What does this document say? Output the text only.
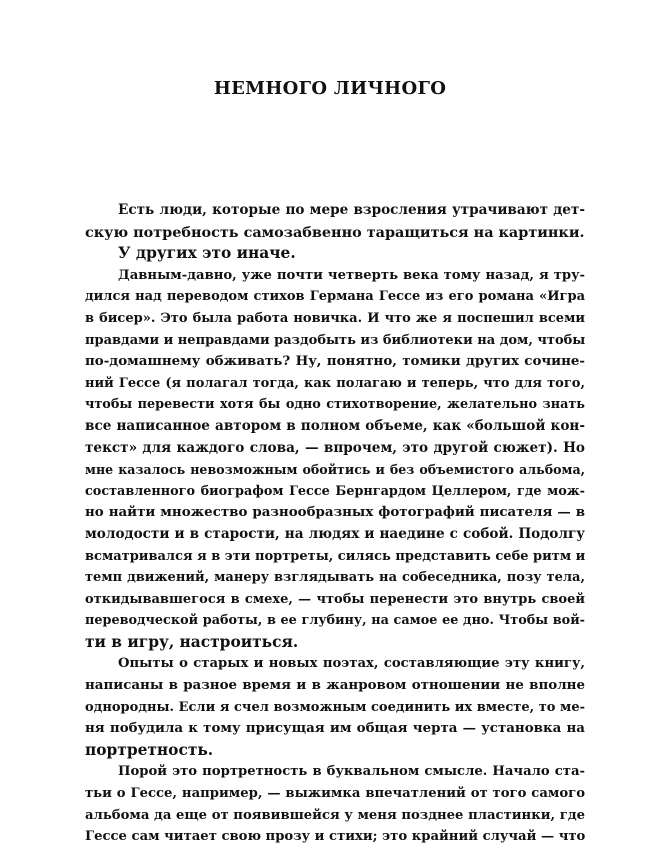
НЕМНОГО ЛИЧНОГО
Есть люди, которые по мере взросления утрачивают дет-
скую потребность самозабвенно таращиться на картинки.
У других это иначе.
Давным-давно, уже почти четверть века тому назад, я тру-
дился над переводом стихов Германа Гессе из его романа «Игра
в бисер». Это была работа новичка. И что же я поспешил всеми
правдами и неправдами раздобыть из библиотеки на дом, чтобы
по-домашнему обживать? Ну, понятно, томики других сочине-
ний Гессе (я полагал тогда, как полагаю и теперь, что для того,
чтобы перевести хотя бы одно стихотворение, желательно знать
все написанное автором в полном объеме, как «большой кон-
текст» для каждого слова, — впрочем, это другой сюжет). Но
мне казалось невозможным обойтись и без объемистого альбома,
составленного биографом Гессе Бернгардом Целлером, где мож-
но найти множество разнообразных фотографий писателя — в
молодости и в старости, на людях и наедине с собой. Подолгу
всматривался я в эти портреты, силясь представить себе ритм и
темп движений, манеру взглядывать на собеседника, позу тела,
откидывавшегося в смехе, — чтобы перенести это внутрь своей
переводческой работы, в ее глубину, на самое ее дно. Чтобы вой-
ти в игру, настроиться.
Опыты о старых и новых поэтах, составляющие эту книгу,
написаны в разное время и в жанровом отношении не вполне
однородны. Если я счел возможным соединить их вместе, то ме-
ня побудила к тому присущая им общая черта — установка на
портретность.
Порой это портретность в буквальном смысле. Начало ста-
тьи о Гессе, например, — выжимка впечатлений от того самого
альбома да еще от появившейся у меня позднее пластинки, где
Гессе сам читает свою прозу и стихи; это крайний случай — что
